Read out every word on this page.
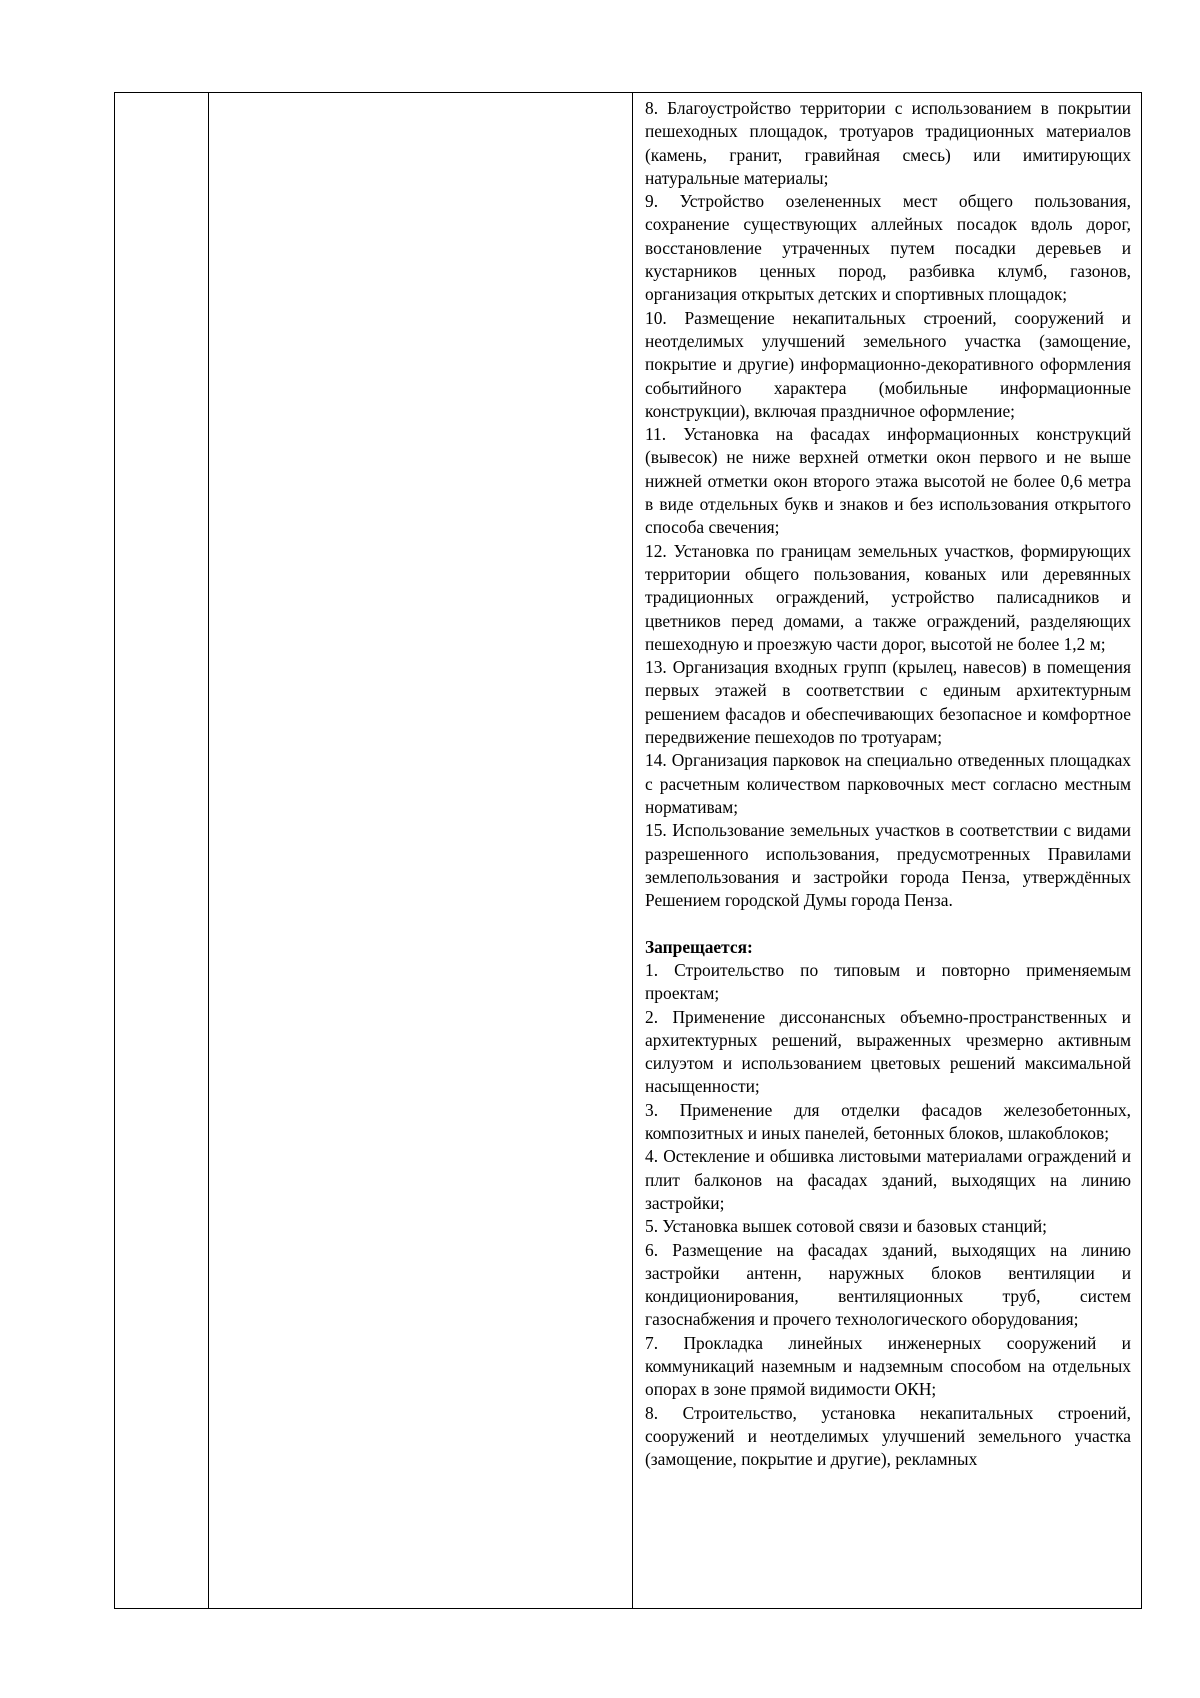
8. Благоустройство территории с использованием в покрытии пешеходных площадок, тротуаров традиционных материалов (камень, гранит, гравийная смесь) или имитирующих натуральные материалы;

9. Устройство озелененных мест общего пользования, сохранение существующих аллейных посадок вдоль дорог, восстановление утраченных путем посадки деревьев и кустарников ценных пород, разбивка клумб, газонов, организация открытых детских и спортивных площадок;

10. Размещение некапитальных строений, сооружений и неотделимых улучшений земельного участка (замощение, покрытие и другие) информационно-декоративного оформления событийного характера (мобильные информационные конструкции), включая праздничное оформление;

11. Установка на фасадах информационных конструкций (вывесок) не ниже верхней отметки окон первого и не выше нижней отметки окон второго этажа высотой не более 0,6 метра в виде отдельных букв и знаков и без использования открытого способа свечения;

12. Установка по границам земельных участков, формирующих территории общего пользования, кованых или деревянных традиционных ограждений, устройство палисадников и цветников перед домами, а также ограждений, разделяющих пешеходную и проезжую части дорог, высотой не более 1,2 м;

13. Организация входных групп (крылец, навесов) в помещения первых этажей в соответствии с единым архитектурным решением фасадов и обеспечивающих безопасное и комфортное передвижение пешеходов по тротуарам;

14. Организация парковок на специально отведенных площадках с расчетным количеством парковочных мест согласно местным нормативам;

15. Использование земельных участков в соответствии с видами разрешенного использования, предусмотренных Правилами землепользования и застройки города Пенза, утверждённых Решением городской Думы города Пенза.

Запрещается:

1. Строительство по типовым и повторно применяемым проектам;

2. Применение диссонансных объемно-пространственных и архитектурных решений, выраженных чрезмерно активным силуэтом и использованием цветовых решений максимальной насыщенности;

3. Применение для отделки фасадов железобетонных, композитных и иных панелей, бетонных блоков, шлакоблоков;

4. Остекление и обшивка листовыми материалами ограждений и плит балконов на фасадах зданий, выходящих на линию застройки;

5. Установка вышек сотовой связи и базовых станций;

6. Размещение на фасадах зданий, выходящих на линию застройки антенн, наружных блоков вентиляции и кондиционирования, вентиляционных труб, систем газоснабжения и прочего технологического оборудования;

7. Прокладка линейных инженерных сооружений и коммуникаций наземным и надземным способом на отдельных опорах в зоне прямой видимости ОКН;

8. Строительство, установка некапитальных строений, сооружений и неотделимых улучшений земельного участка (замощение, покрытие и другие), рекламных
